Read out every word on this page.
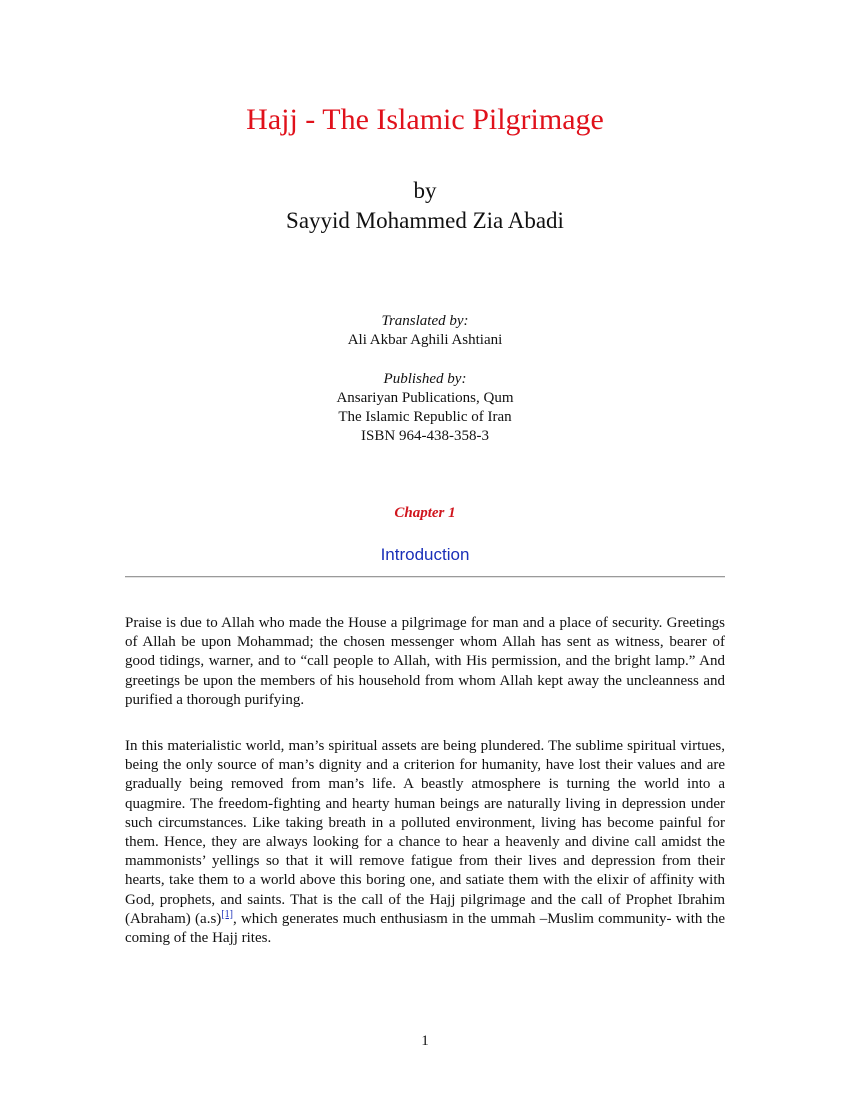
Hajj - The Islamic Pilgrimage
by
Sayyid Mohammed Zia Abadi
Translated by:
Ali Akbar Aghili Ashtiani
Published by:
Ansariyan Publications, Qum
The Islamic Republic of Iran
ISBN 964-438-358-3
Chapter 1
Introduction

Praise is due to Allah who made the House a pilgrimage for man and a place of security. Greetings of Allah be upon Mohammad; the chosen messenger whom Allah has sent as witness, bearer of good tidings, warner, and to “call people to Allah, with His permission, and the bright lamp.” And greetings be upon the members of his household from whom Allah kept away the uncleanness and purified a thorough purifying.

In this materialistic world, man’s spiritual assets are being plundered. The sublime spiritual virtues, being the only source of man’s dignity and a criterion for humanity, have lost their values and are gradually being removed from man’s life. A beastly atmosphere is turning the world into a quagmire. The freedom-fighting and hearty human beings are naturally living in depression under such circumstances. Like taking breath in a polluted environment, living has become painful for them. Hence, they are always looking for a chance to hear a heavenly and divine call amidst the mammonists’ yellings so that it will remove fatigue from their lives and depression from their hearts, take them to a world above this boring one, and satiate them with the elixir of affinity with God, prophets, and saints. That is the call of the Hajj pilgrimage and the call of Prophet Ibrahim (Abraham) (a.s)[1], which generates much enthusiasm in the ummah –Muslim community- with the coming of the Hajj rites.

1
